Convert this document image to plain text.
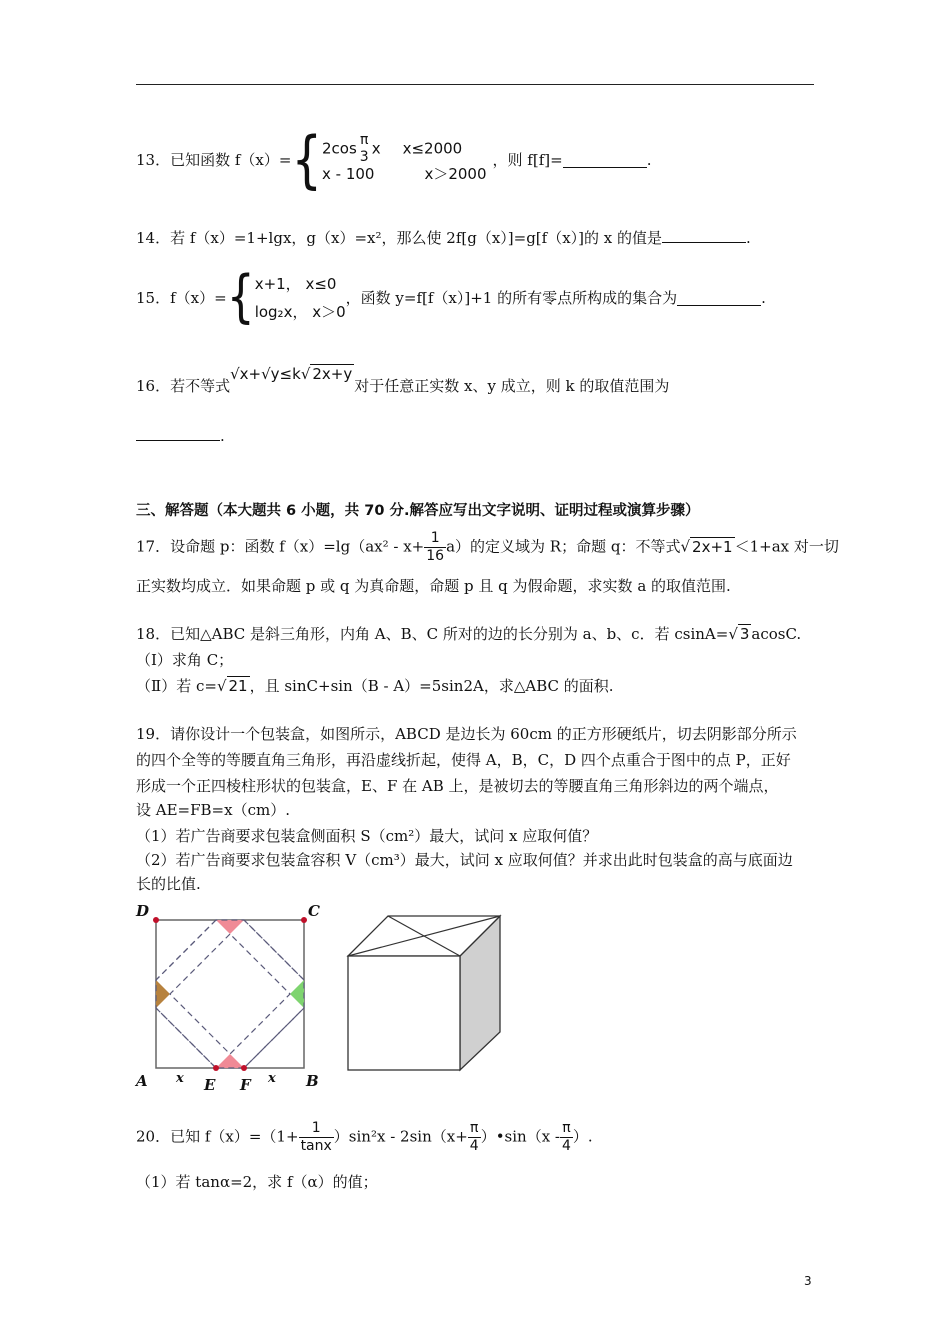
13．已知函数 f（x）={ 2cos π
3 x x≤2000
x - 100	x＞2000
，则 f[f]=	.
14．若 f（x）=1+lgx，g（x）=x²，那么使 2f[g（x）]=g[f（x）]的 x 的值是	.
15．f（x）={ x+1， x≤0
log₂x， x＞0
，函数 y=f[f（x）]+1 的所有零点所构成的集合为	.
16．若不等式√x+√y≤k√ 2x+y对于任意正实数 x、y 成立，则 k 的取值范围为
.
三、解答题（本大题共 6 小题，共 70 分.解答应写出文字说明、证明过程或演算步骤）
17．设命题 p：函数 $f(x)=\lg(ax^2 - x+ \frac{1}{16} a)$的定义域为 R；命题 q：不等式√ 2x+1 ＜1+ax 对一切
正实数均成立．如果命题 p 或 q 为真命题，命题 p 且 q 为假命题，求实数 a 的取值范围.
18．已知△ABC 是斜三角形，内角 A、B、C 所对的边的长分别为 a、b、c．若 csinA=√ 3 acosC.
（Ⅰ）求角 C；
（Ⅱ）若 c=√ 21 ，且 sinC+sin（B - A）=5sin2A，求△ABC 的面积.
19．请你设计一个包装盒，如图所示，ABCD 是边长为 60cm 的正方形硬纸片，切去阴影部分所示
的四个全等的等腰直角三角形，再沿虚线折起，使得 A，B，C，D 四个点重合于图中的点 P，正好
形成一个正四棱柱形状的包装盒，E、F 在 AB 上，是被切去的等腰直角三角形斜边的两个端点，
设 AE=FB=x（cm）.
（1）若广告商要求包装盒侧面积 S（cm²）最大，试问 x 应取何值？
（2）若广告商要求包装盒容积 V（cm³）最大，试问 x 应取何值？并求出此时包装盒的高与底面边
长的比值.
D	C
A	B
E F
x	x
20．已知 $f(x)=(1+ \frac{1}{\tan x} )\sin^2x - 2\sin(x+ \frac{\pi}{4}$ ）•sin（x - $\frac{\pi}{4}$ ）.
（1）若 tanα=2，求 f（α）的值；
3
